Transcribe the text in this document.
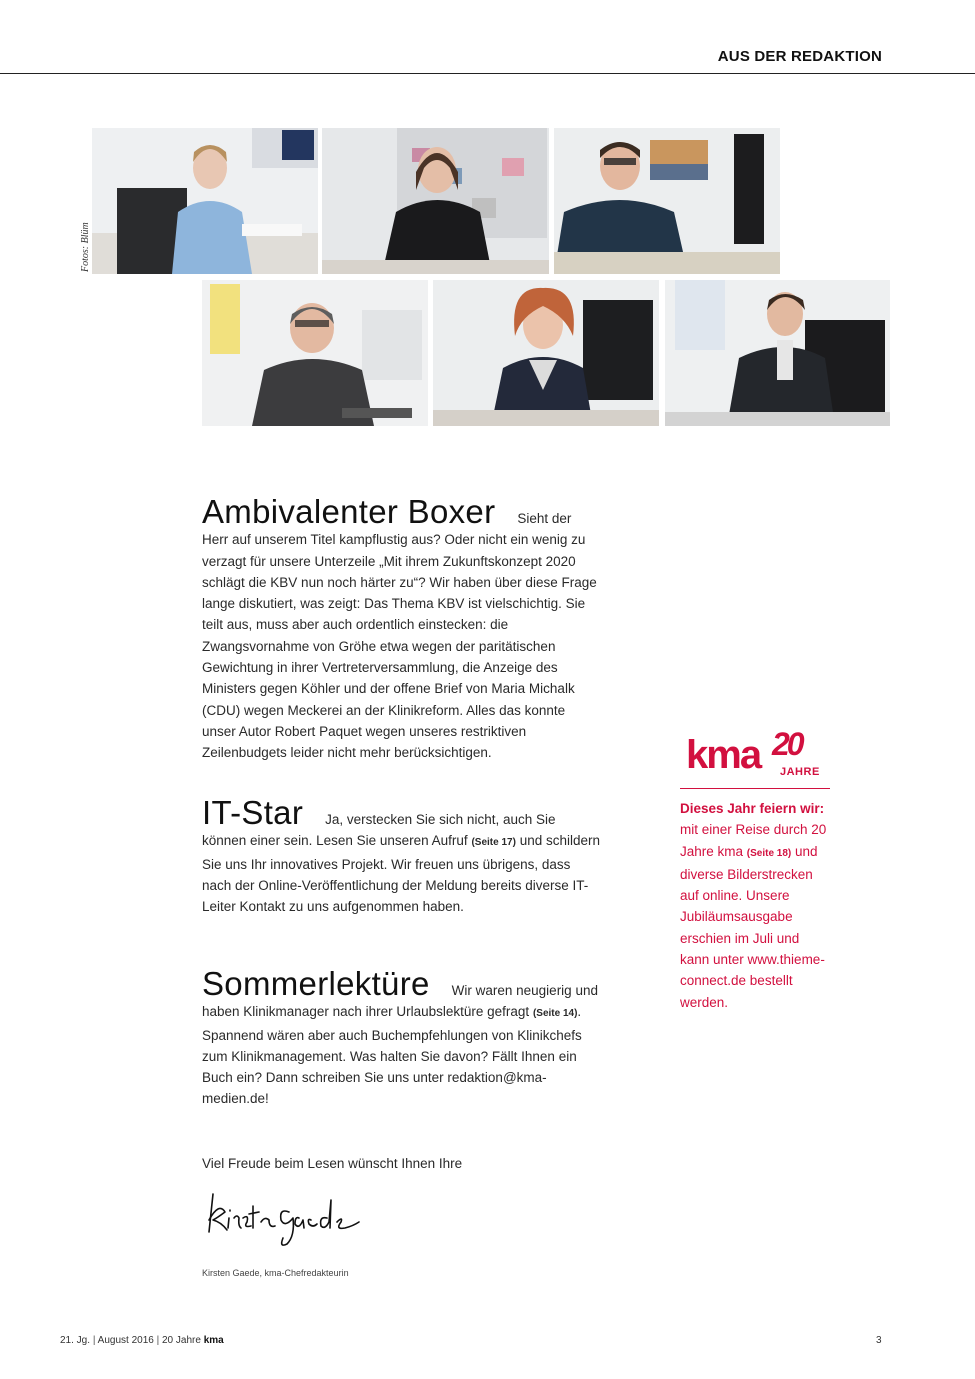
AUS DER REDAKTION
Fotos: Blüm
Ambivalenter Boxer Sieht der Herr auf unserem Titel kampflustig aus? Oder nicht ein wenig zu verzagt für unsere Unterzeile „Mit ihrem Zukunftskonzept 2020 schlägt die KBV nun noch härter zu“? Wir haben über diese Frage lange diskutiert, was zeigt: Das Thema KBV ist vielschichtig. Sie teilt aus, muss aber auch ordentlich einstecken: die Zwangsvornahme von Gröhe etwa wegen der paritätischen Gewichtung in ihrer Vertreterversammlung, die Anzeige des Ministers gegen Köhler und der offene Brief von Maria Michalk (CDU) wegen Meckerei an der Klinikreform. Alles das konnte unser Autor Robert Paquet wegen unseres restriktiven Zeilenbudgets leider nicht mehr berücksichtigen.
IT-Star Ja, verstecken Sie sich nicht, auch Sie können einer sein. Lesen Sie unseren Aufruf (Seite 17) und schildern Sie uns Ihr innovatives Projekt. Wir freuen uns übrigens, dass nach der Online-Veröffentlichung der Meldung bereits diverse IT-Leiter Kontakt zu uns aufgenommen haben.
Sommerlektüre Wir waren neugierig und haben Klinikmanager nach ihrer Urlaubslektüre gefragt (Seite 14). Spannend wären aber auch Buchempfehlungen von Klinikchefs zum Klinikmanagement. Was halten Sie davon? Fällt Ihnen ein Buch ein? Dann schreiben Sie uns unter redaktion@kma-medien.de!
kma 20
JAHRE
Dieses Jahr feiern wir: mit einer Reise durch 20 Jahre kma (Seite 18) und diverse Bilderstrecken auf online. Unsere Jubiläumsausgabe erschien im Juli und kann unter www.thieme-connect.de bestellt werden.
Viel Freude beim Lesen wünscht Ihnen Ihre
Kirsten Gaede, kma-Chefredakteurin
21. Jg. | August 2016 | 20 Jahre kma	3
